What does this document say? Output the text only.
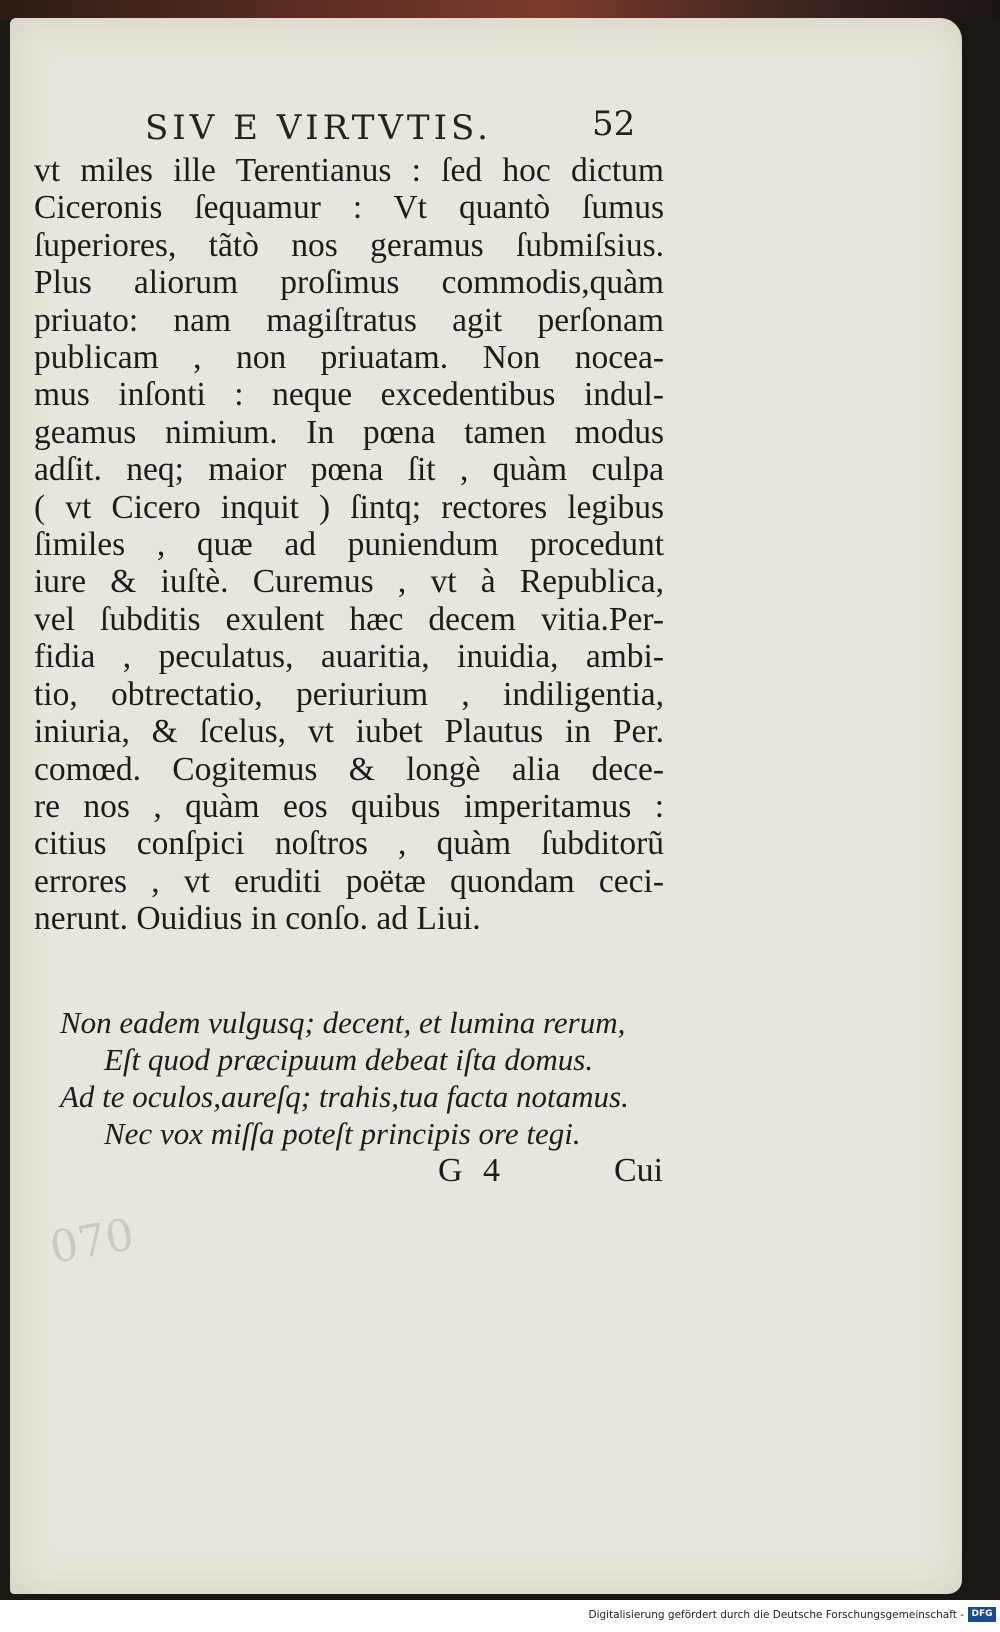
SIV E VIRTVTIS.	52
vt miles ille Terentianus : ſed hoc dictum
Ciceronis ſequamur : Vt quantò ſumus
ſuperiores, tãtò nos geramus ſubmiſsius.
Plus aliorum proſimus commodis,quàm
priuato: nam magiſtratus agit perſonam
publicam , non priuatam. Non nocea-
mus inſonti : neque excedentibus indul-
geamus nimium. In pœna tamen modus
adſit. neq; maior pœna ſit , quàm culpa
( vt Cicero inquit ) ſintq; rectores legibus
ſimiles , quæ ad puniendum procedunt
iure & iuſtè. Curemus , vt à Republica,
vel ſubditis exulent hæc decem vitia.Per-
fidia , peculatus, auaritia, inuidia, ambi-
tio, obtrectatio, periurium , indiligentia,
iniuria, & ſcelus, vt iubet Plautus in Per.
comœd. Cogitemus & longè alia dece-
re nos , quàm eos quibus imperitamus :
citius conſpici noſtros , quàm ſubditorũ
errores , vt eruditi poëtæ quondam ceci-
nerunt. Ouidius in conſo. ad Liui.
Non eadem vulgusq; decent, et lumina rerum,
Eſt quod præcipuum debeat iſta domus.
Ad te oculos,aureſq; trahis,tua facta notamus.
Nec vox miſſa poteſt principis ore tegi.
G 4	Cui
070
Digitalisierung gefördert durch die Deutsche Forschungsgemeinschaft - DFG
